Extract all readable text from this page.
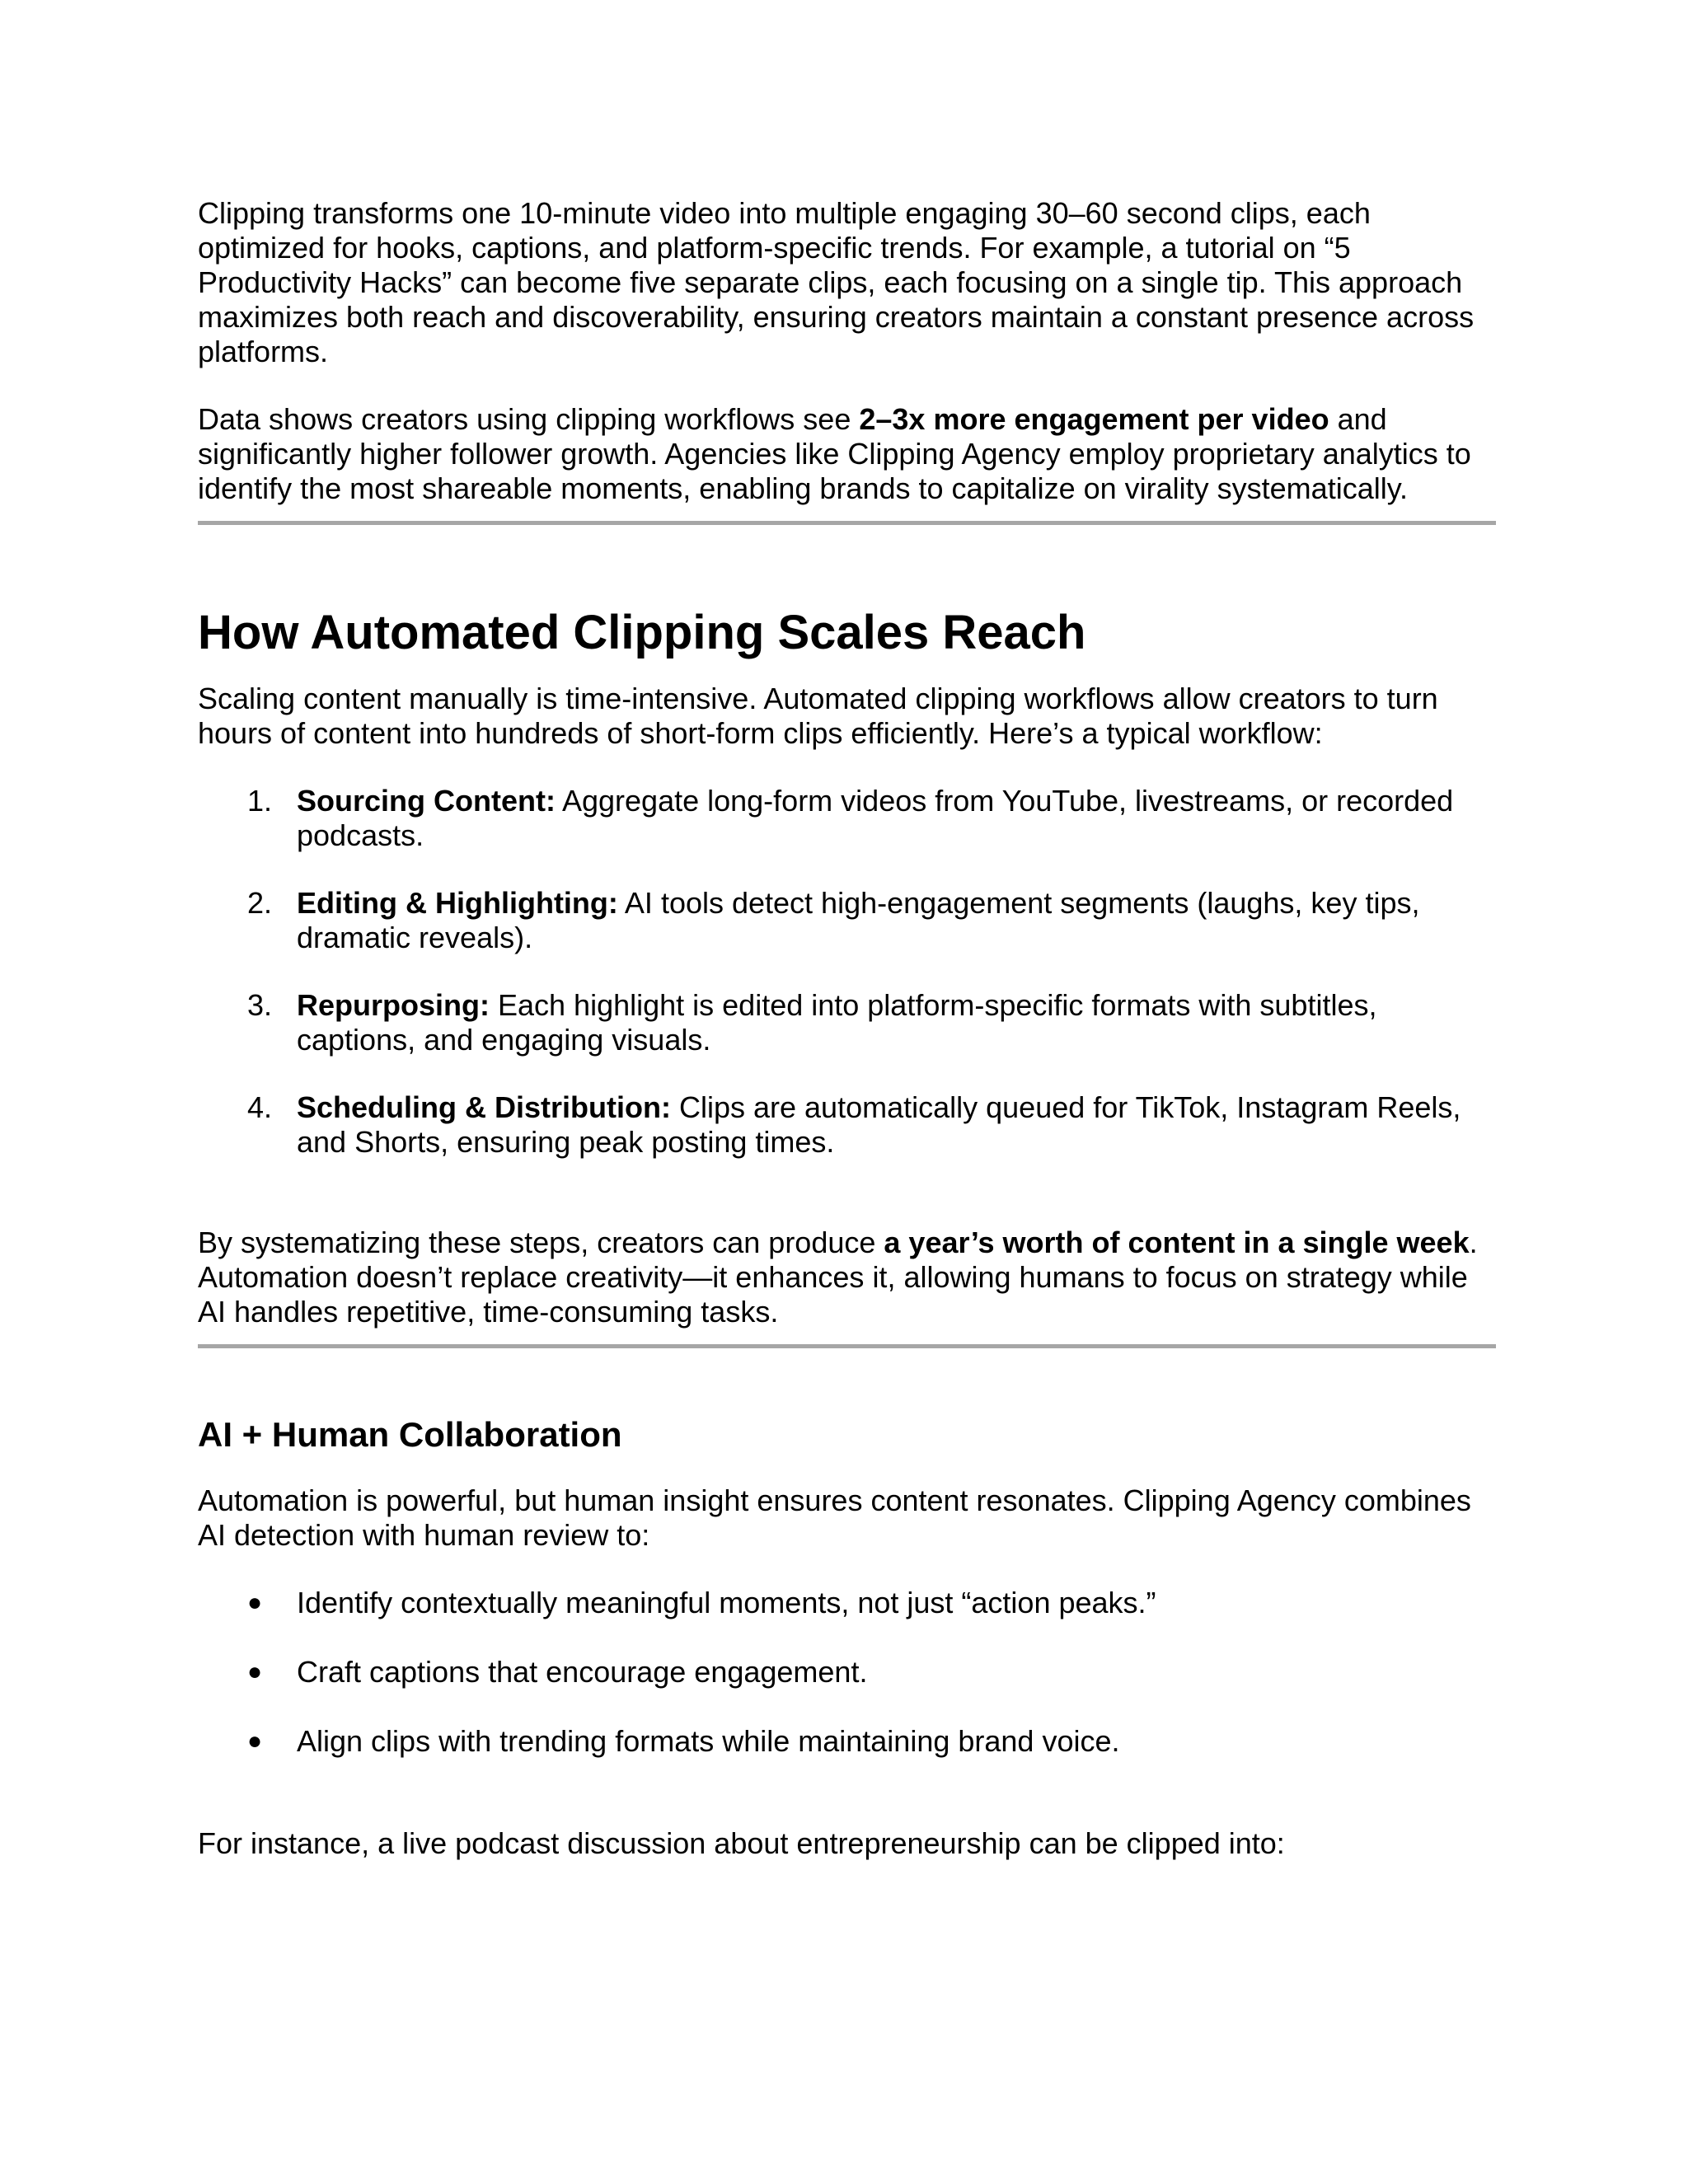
Clipping transforms one 10-minute video into multiple engaging 30–60 second clips, each optimized for hooks, captions, and platform-specific trends. For example, a tutorial on “5 Productivity Hacks” can become five separate clips, each focusing on a single tip. This approach maximizes both reach and discoverability, ensuring creators maintain a constant presence across platforms.

Data shows creators using clipping workflows see 2–3x more engagement per video and significantly higher follower growth. Agencies like Clipping Agency employ proprietary analytics to identify the most shareable moments, enabling brands to capitalize on virality systematically.

How Automated Clipping Scales Reach

Scaling content manually is time-intensive. Automated clipping workflows allow creators to turn hours of content into hundreds of short-form clips efficiently. Here’s a typical workflow:

1. Sourcing Content: Aggregate long-form videos from YouTube, livestreams, or recorded podcasts.
2. Editing & Highlighting: AI tools detect high-engagement segments (laughs, key tips, dramatic reveals).
3. Repurposing: Each highlight is edited into platform-specific formats with subtitles, captions, and engaging visuals.
4. Scheduling & Distribution: Clips are automatically queued for TikTok, Instagram Reels, and Shorts, ensuring peak posting times.

By systematizing these steps, creators can produce a year’s worth of content in a single week. Automation doesn’t replace creativity—it enhances it, allowing humans to focus on strategy while AI handles repetitive, time-consuming tasks.

AI + Human Collaboration

Automation is powerful, but human insight ensures content resonates. Clipping Agency combines AI detection with human review to:

●	Identify contextually meaningful moments, not just “action peaks.”
●	Craft captions that encourage engagement.
●	Align clips with trending formats while maintaining brand voice.

For instance, a live podcast discussion about entrepreneurship can be clipped into:
